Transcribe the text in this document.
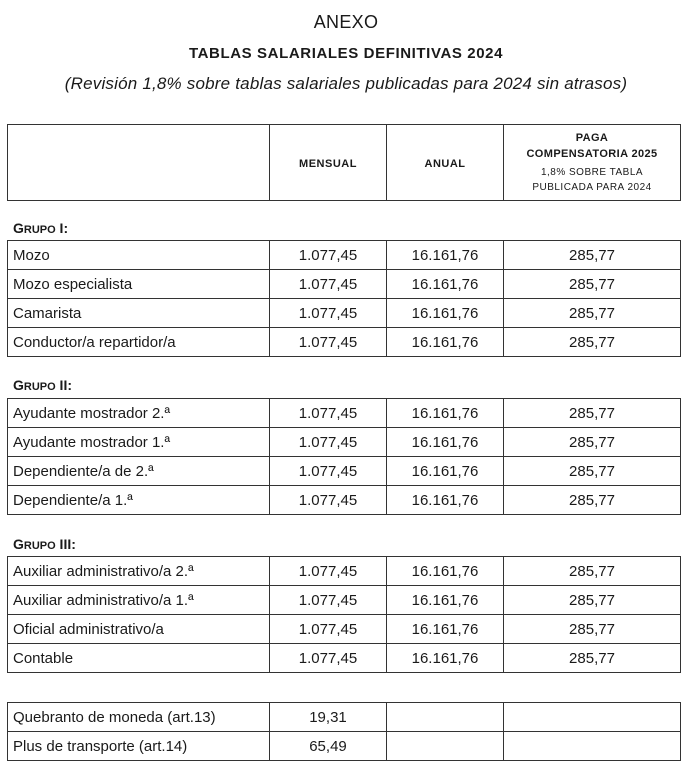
ANEXO
TABLAS SALARIALES DEFINITIVAS 2024
(Revisión 1,8% sobre tablas salariales publicadas para 2024 sin atrasos)
	MENSUAL	ANUAL	
PAGA
COMPENSATORIA 2025
1,8% SOBRE TABLA
PUBLICADA PARA 2024
GRUPO I:
Mozo	1.077,45	16.161,76	285,77
Mozo especialista	1.077,45	16.161,76	285,77
Camarista	1.077,45	16.161,76	285,77
Conductor/a repartidor/a	1.077,45	16.161,76	285,77
GRUPO II:
Ayudante mostrador 2.ª	1.077,45	16.161,76	285,77
Ayudante mostrador 1.ª	1.077,45	16.161,76	285,77
Dependiente/a de 2.ª	1.077,45	16.161,76	285,77
Dependiente/a 1.ª	1.077,45	16.161,76	285,77
GRUPO III:
Auxiliar administrativo/a 2.ª	1.077,45	16.161,76	285,77
Auxiliar administrativo/a 1.ª	1.077,45	16.161,76	285,77
Oficial administrativo/a	1.077,45	16.161,76	285,77
Contable	1.077,45	16.161,76	285,77
Quebranto de moneda (art.13)	19,31		
Plus de transporte (art.14)	65,49		
